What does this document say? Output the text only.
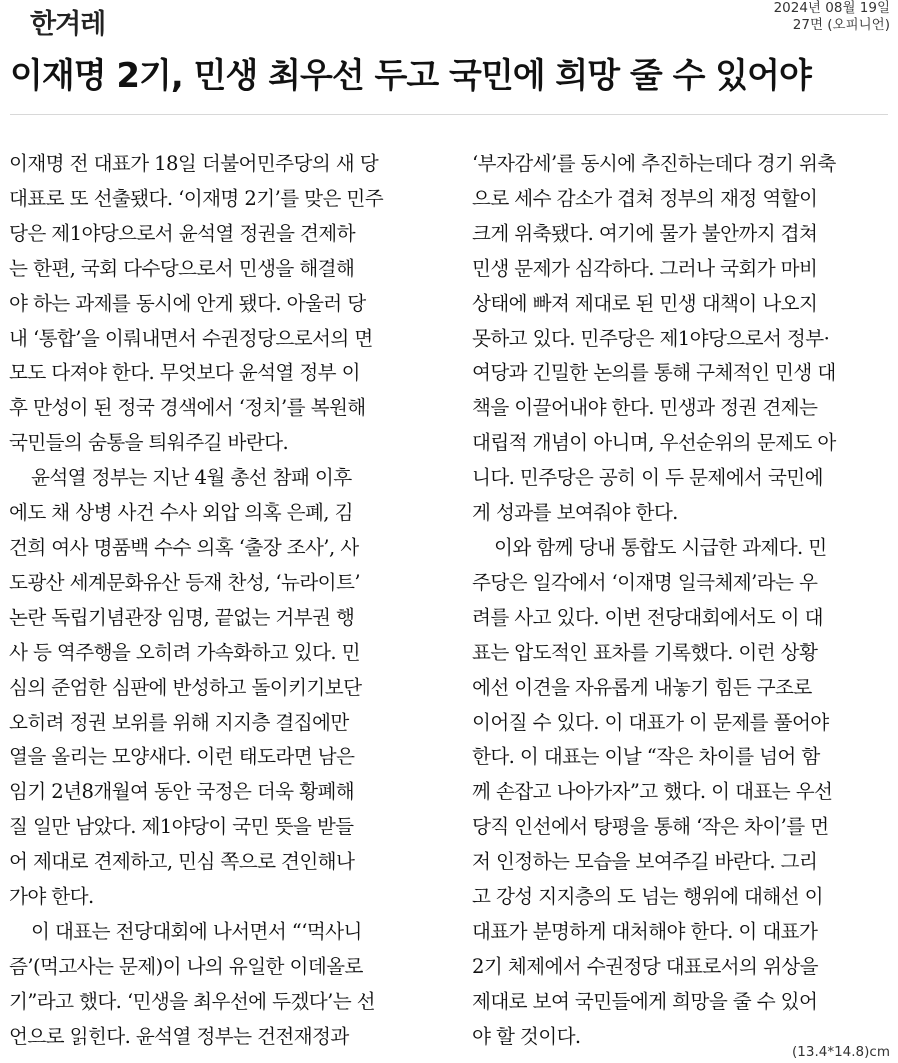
한겨레
2024년 08월 19일
27면 (오피니언)
이재명 2기, 민생 최우선 두고 국민에 희망 줄 수 있어야
이재명 전 대표가 18일 더불어민주당의 새 당
대표로 또 선출됐다. ‘이재명 2기’를 맞은 민주
당은 제1야당으로서 윤석열 정권을 견제하
는 한편, 국회 다수당으로서 민생을 해결해
야 하는 과제를 동시에 안게 됐다. 아울러 당
내 ‘통합’을 이뤄내면서 수권정당으로서의 면
모도 다져야 한다. 무엇보다 윤석열 정부 이
후 만성이 된 정국 경색에서 ‘정치’를 복원해
국민들의 숨통을 틔워주길 바란다.
윤석열 정부는 지난 4월 총선 참패 이후
에도 채 상병 사건 수사 외압 의혹 은폐, 김
건희 여사 명품백 수수 의혹 ‘출장 조사’, 사
도광산 세계문화유산 등재 찬성, ‘뉴라이트’
논란 독립기념관장 임명, 끝없는 거부권 행
사 등 역주행을 오히려 가속화하고 있다. 민
심의 준엄한 심판에 반성하고 돌이키기보단
오히려 정권 보위를 위해 지지층 결집에만
열을 올리는 모양새다. 이런 태도라면 남은
임기 2년8개월여 동안 국정은 더욱 황폐해
질 일만 남았다. 제1야당이 국민 뜻을 받들
어 제대로 견제하고, 민심 쪽으로 견인해나
가야 한다.
이 대표는 전당대회에 나서면서 “‘먹사니
즘’(먹고사는 문제)이 나의 유일한 이데올로
기”라고 했다. ‘민생을 최우선에 두겠다’는 선
언으로 읽힌다. 윤석열 정부는 건전재정과
‘부자감세’를 동시에 추진하는데다 경기 위축
으로 세수 감소가 겹쳐 정부의 재정 역할이
크게 위축됐다. 여기에 물가 불안까지 겹쳐
민생 문제가 심각하다. 그러나 국회가 마비
상태에 빠져 제대로 된 민생 대책이 나오지
못하고 있다. 민주당은 제1야당으로서 정부·
여당과 긴밀한 논의를 통해 구체적인 민생 대
책을 이끌어내야 한다. 민생과 정권 견제는
대립적 개념이 아니며, 우선순위의 문제도 아
니다. 민주당은 공히 이 두 문제에서 국민에
게 성과를 보여줘야 한다.
이와 함께 당내 통합도 시급한 과제다. 민
주당은 일각에서 ‘이재명 일극체제’라는 우
려를 사고 있다. 이번 전당대회에서도 이 대
표는 압도적인 표차를 기록했다. 이런 상황
에선 이견을 자유롭게 내놓기 힘든 구조로
이어질 수 있다. 이 대표가 이 문제를 풀어야
한다. 이 대표는 이날 “작은 차이를 넘어 함
께 손잡고 나아가자”고 했다. 이 대표는 우선
당직 인선에서 탕평을 통해 ‘작은 차이’를 먼
저 인정하는 모습을 보여주길 바란다. 그리
고 강성 지지층의 도 넘는 행위에 대해선 이
대표가 분명하게 대처해야 한다. 이 대표가
2기 체제에서 수권정당 대표로서의 위상을
제대로 보여 국민들에게 희망을 줄 수 있어
야 할 것이다.
(13.4*14.8)cm
